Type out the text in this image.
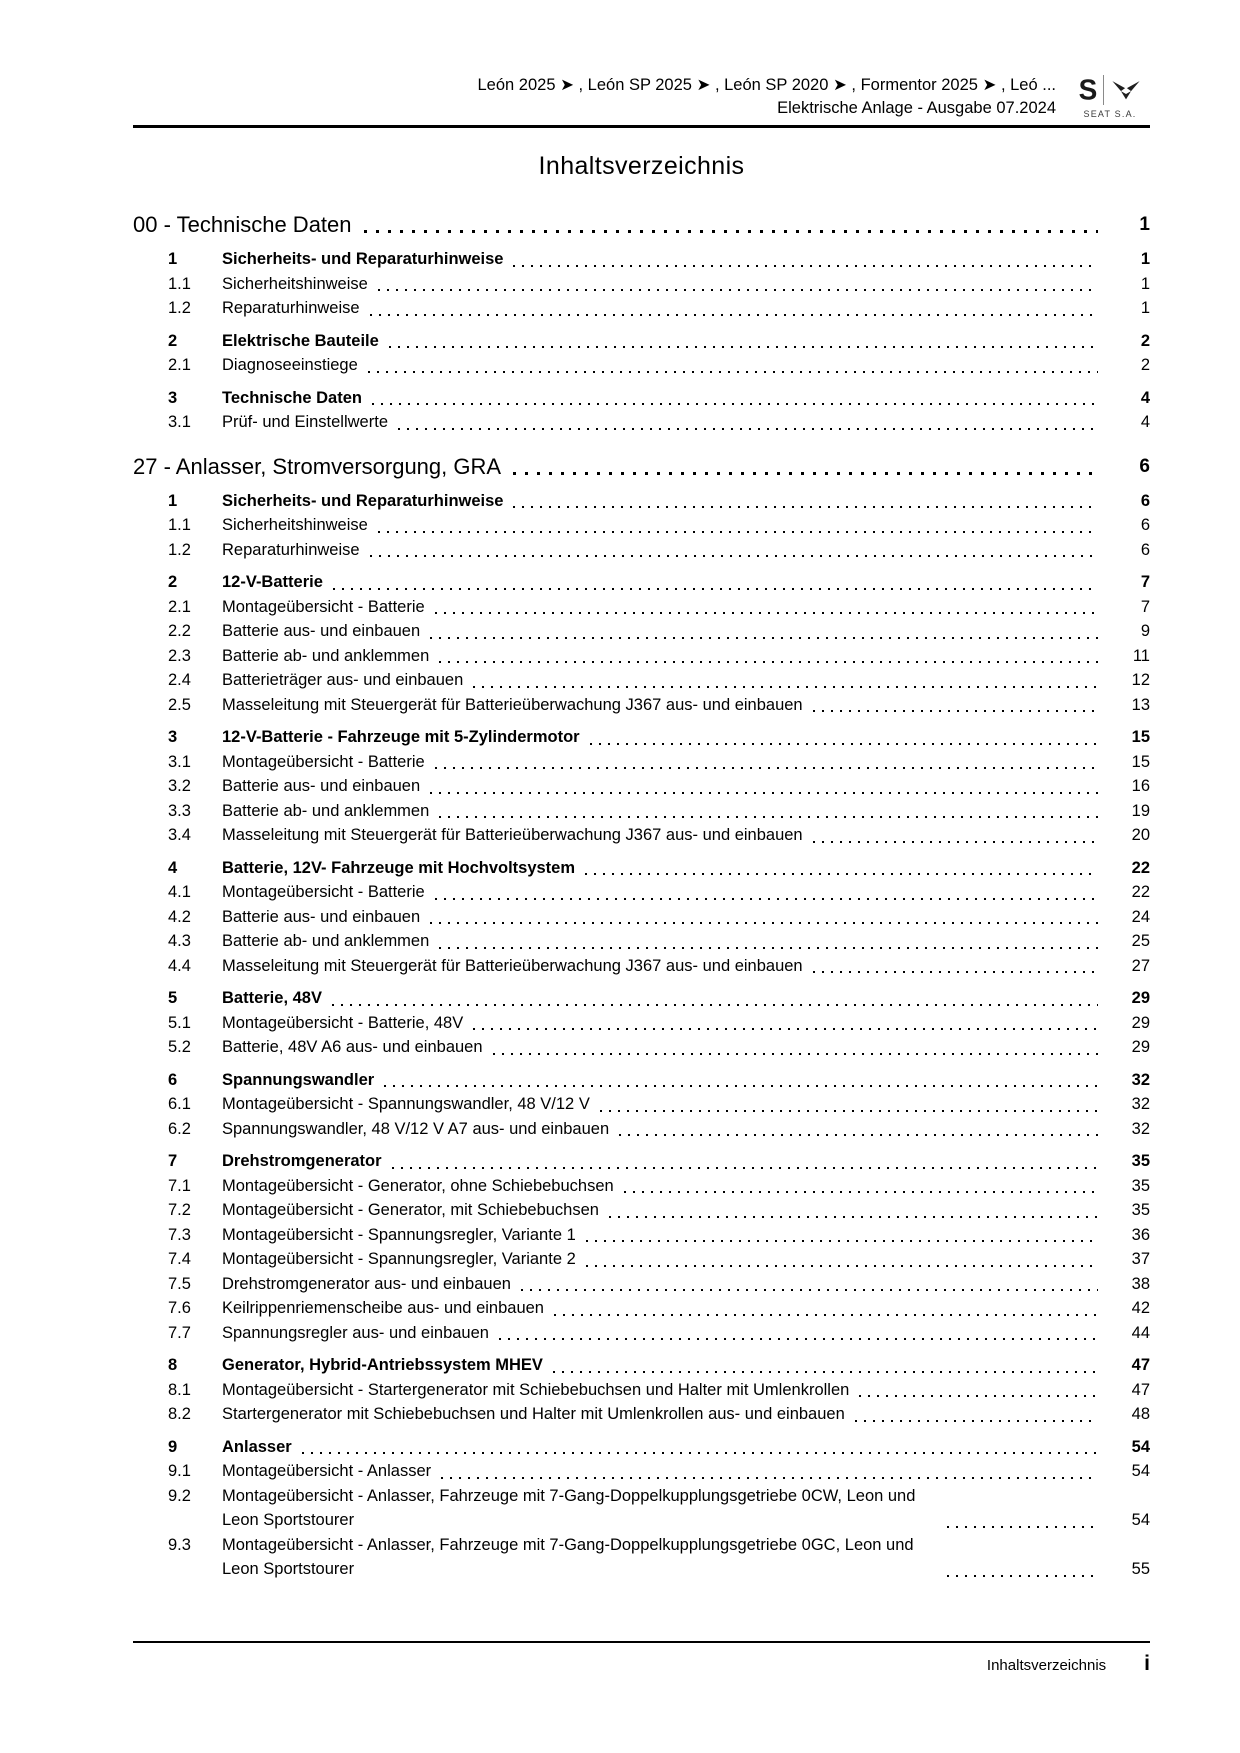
León 2025 ➤ , León SP 2025 ➤ , León SP 2020 ➤ , Formentor 2025 ➤ , Leó ...
Elektrische Anlage - Ausgabe 07.2024
S
SEAT S.A.
Inhaltsverzeichnis
00 - Technische Daten	1
1	Sicherheits- und Reparaturhinweise	1
1.1	Sicherheitshinweise	1
1.2	Reparaturhinweise	1
2	Elektrische Bauteile	2
2.1	Diagnoseeinstiege	2
3	Technische Daten	4
3.1	Prüf- und Einstellwerte	4
27 - Anlasser, Stromversorgung, GRA	6
1	Sicherheits- und Reparaturhinweise	6
1.1	Sicherheitshinweise	6
1.2	Reparaturhinweise	6
2	12-V-Batterie	7
2.1	Montageübersicht - Batterie	7
2.2	Batterie aus- und einbauen	9
2.3	Batterie ab- und anklemmen	11
2.4	Batterieträger aus- und einbauen	12
2.5	Masseleitung mit Steuergerät für Batterieüberwachung J367 aus- und einbauen	13
3	12-V-Batterie - Fahrzeuge mit 5-Zylindermotor	15
3.1	Montageübersicht - Batterie	15
3.2	Batterie aus- und einbauen	16
3.3	Batterie ab- und anklemmen	19
3.4	Masseleitung mit Steuergerät für Batterieüberwachung J367 aus- und einbauen	20
4	Batterie, 12V- Fahrzeuge mit Hochvoltsystem	22
4.1	Montageübersicht - Batterie	22
4.2	Batterie aus- und einbauen	24
4.3	Batterie ab- und anklemmen	25
4.4	Masseleitung mit Steuergerät für Batterieüberwachung J367 aus- und einbauen	27
5	Batterie, 48V	29
5.1	Montageübersicht - Batterie, 48V	29
5.2	Batterie, 48V A6 aus- und einbauen	29
6	Spannungswandler	32
6.1	Montageübersicht - Spannungswandler, 48 V/12 V	32
6.2	Spannungswandler, 48 V/12 V A7 aus- und einbauen	32
7	Drehstromgenerator	35
7.1	Montageübersicht - Generator, ohne Schiebebuchsen	35
7.2	Montageübersicht - Generator, mit Schiebebuchsen	35
7.3	Montageübersicht - Spannungsregler, Variante 1	36
7.4	Montageübersicht - Spannungsregler, Variante 2	37
7.5	Drehstromgenerator aus- und einbauen	38
7.6	Keilrippenriemenscheibe aus- und einbauen	42
7.7	Spannungsregler aus- und einbauen	44
8	Generator, Hybrid-Antriebssystem MHEV	47
8.1	Montageübersicht - Startergenerator mit Schiebebuchsen und Halter mit Umlenkrollen	47
8.2	Startergenerator mit Schiebebuchsen und Halter mit Umlenkrollen aus- und einbauen	48
9	Anlasser	54
9.1	Montageübersicht - Anlasser	54
9.2	Montageübersicht - Anlasser, Fahrzeuge mit 7-Gang-Doppelkupplungsgetriebe 0CW, Leon und Leon Sportstourer	54
9.3	Montageübersicht - Anlasser, Fahrzeuge mit 7-Gang-Doppelkupplungsgetriebe 0GC, Leon und Leon Sportstourer	55
Inhaltsverzeichnis i
